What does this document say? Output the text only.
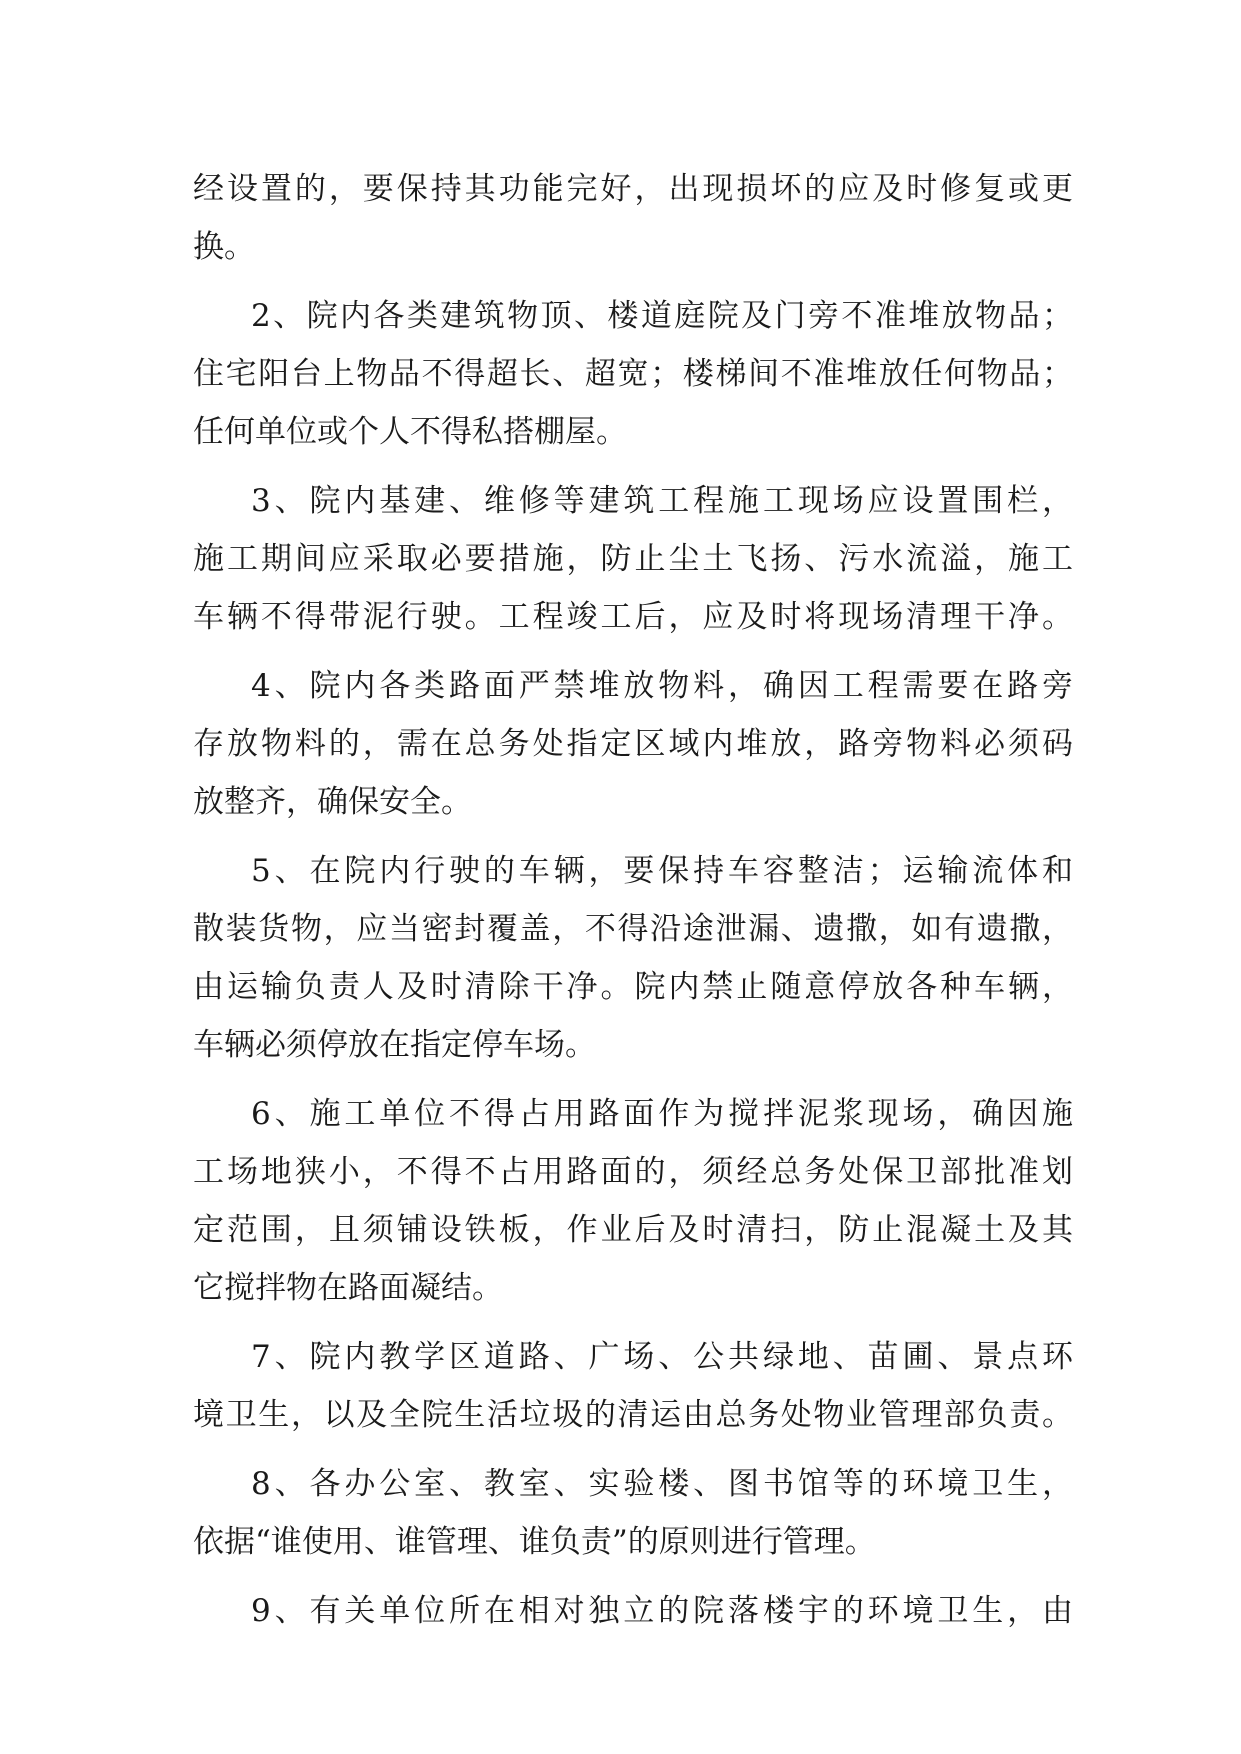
经设置的，要保持其功能完好，出现损坏的应及时修复或更
换。
2、院内各类建筑物顶、楼道庭院及门旁不准堆放物品；
住宅阳台上物品不得超长、超宽；楼梯间不准堆放任何物品；
任何单位或个人不得私搭棚屋。
3、院内基建、维修等建筑工程施工现场应设置围栏，
施工期间应采取必要措施，防止尘土飞扬、污水流溢，施工
车辆不得带泥行驶。工程竣工后，应及时将现场清理干净。
4、院内各类路面严禁堆放物料，确因工程需要在路旁
存放物料的，需在总务处指定区域内堆放，路旁物料必须码
放整齐，确保安全。
5、在院内行驶的车辆，要保持车容整洁；运输流体和
散装货物，应当密封覆盖，不得沿途泄漏、遗撒，如有遗撒，
由运输负责人及时清除干净。院内禁止随意停放各种车辆，
车辆必须停放在指定停车场。
6、施工单位不得占用路面作为搅拌泥浆现场，确因施
工场地狭小，不得不占用路面的，须经总务处保卫部批准划
定范围，且须铺设铁板，作业后及时清扫，防止混凝土及其
它搅拌物在路面凝结。
7、院内教学区道路、广场、公共绿地、苗圃、景点环
境卫生，以及全院生活垃圾的清运由总务处物业管理部负责。
8、各办公室、教室、实验楼、图书馆等的环境卫生，
依据“谁使用、谁管理、谁负责”的原则进行管理。
9、有关单位所在相对独立的院落楼宇的环境卫生，由
